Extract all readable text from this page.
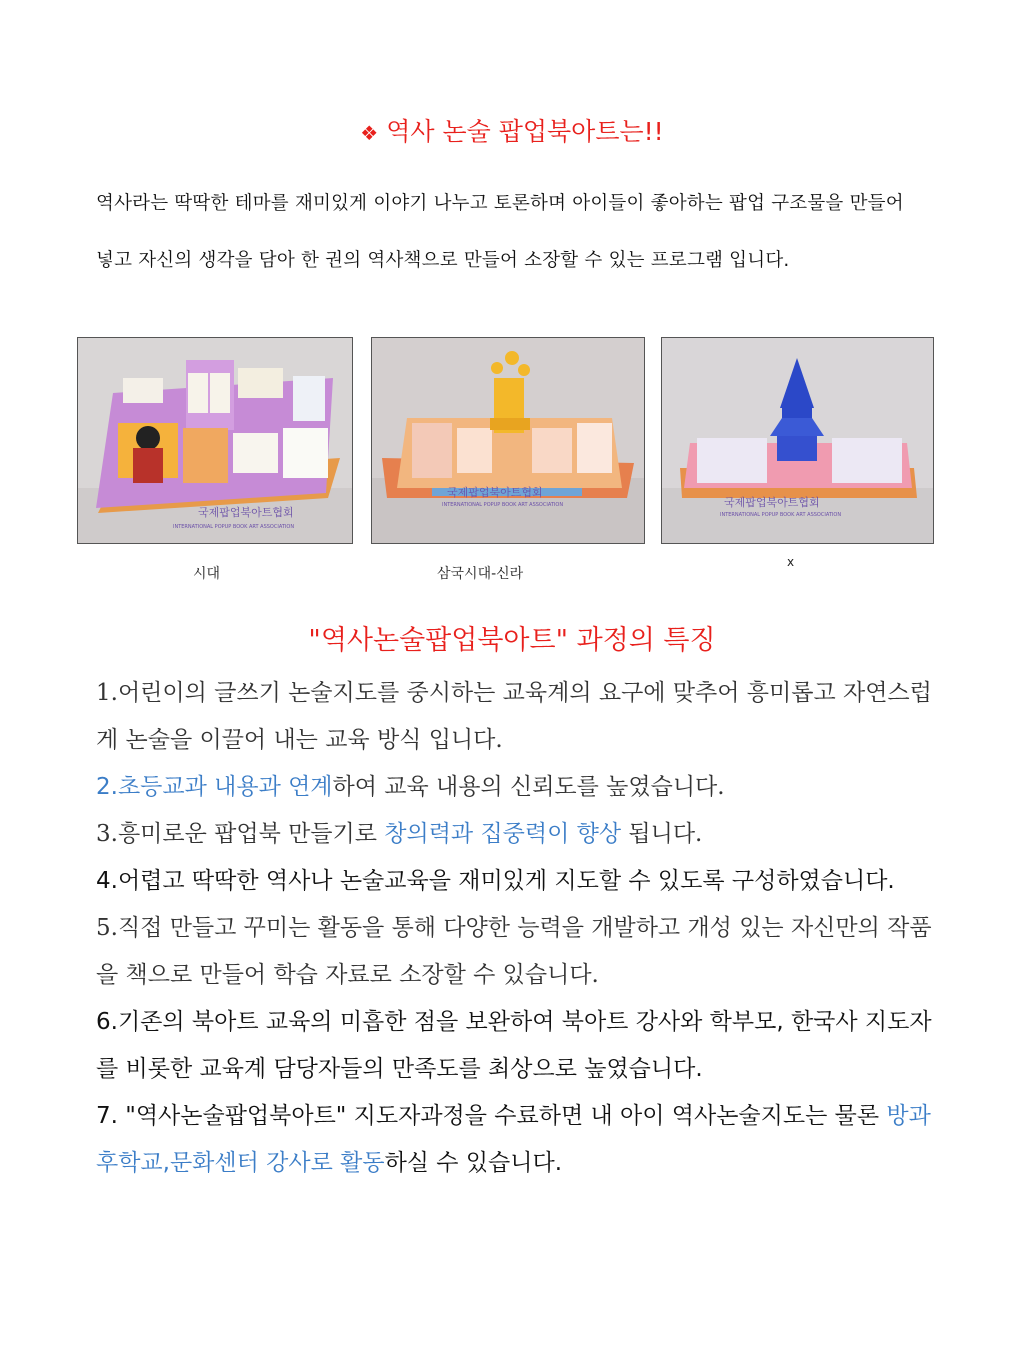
❖ 역사 논술 팝업북아트는!!
역사라는 딱딱한 테마를 재미있게 이야기 나누고 토론하며 아이들이 좋아하는 팝업 구조물을 만들어 넣고 자신의 생각을 담아 한 권의 역사책으로 만들어 소장할 수 있는 프로그램 입니다.
국제팝업북아트협회
INTERNATIONAL POPUP BOOK ART ASSOCIATION
국제팝업북아트협회
INTERNATIONAL POPUP BOOK ART ASSOCIATION	국제팝업북아트협회
INTERNATIONAL POPUP BOOK ART ASSOCIATION
시대	삼국시대-신라
x
"역사논술팝업북아트" 과정의 특징

1.어린이의 글쓰기 논술지도를 중시하는 교육계의 요구에 맞추어 흥미롭고 자연스럽게 논술을 이끌어 내는 교육 방식 입니다.

2.초등교과 내용과 연계하여 교육 내용의 신뢰도를 높였습니다.

3.흥미로운 팝업북 만들기로 창의력과 집중력이 향상 됩니다.

4.어렵고 딱딱한 역사나 논술교육을 재미있게 지도할 수 있도록 구성하였습니다.

5.직접 만들고 꾸미는 활동을 통해 다양한 능력을 개발하고 개성 있는 자신만의 작품을 책으로 만들어 학습 자료로 소장할 수 있습니다.

6.기존의 북아트 교육의 미흡한 점을 보완하여 북아트 강사와 학부모, 한국사 지도자를 비롯한 교육계 담당자들의 만족도를 최상으로 높였습니다.

7. "역사논술팝업북아트" 지도자과정을 수료하면 내 아이 역사논술지도는 물론 방과후학교,문화센터 강사로 활동하실 수 있습니다.
